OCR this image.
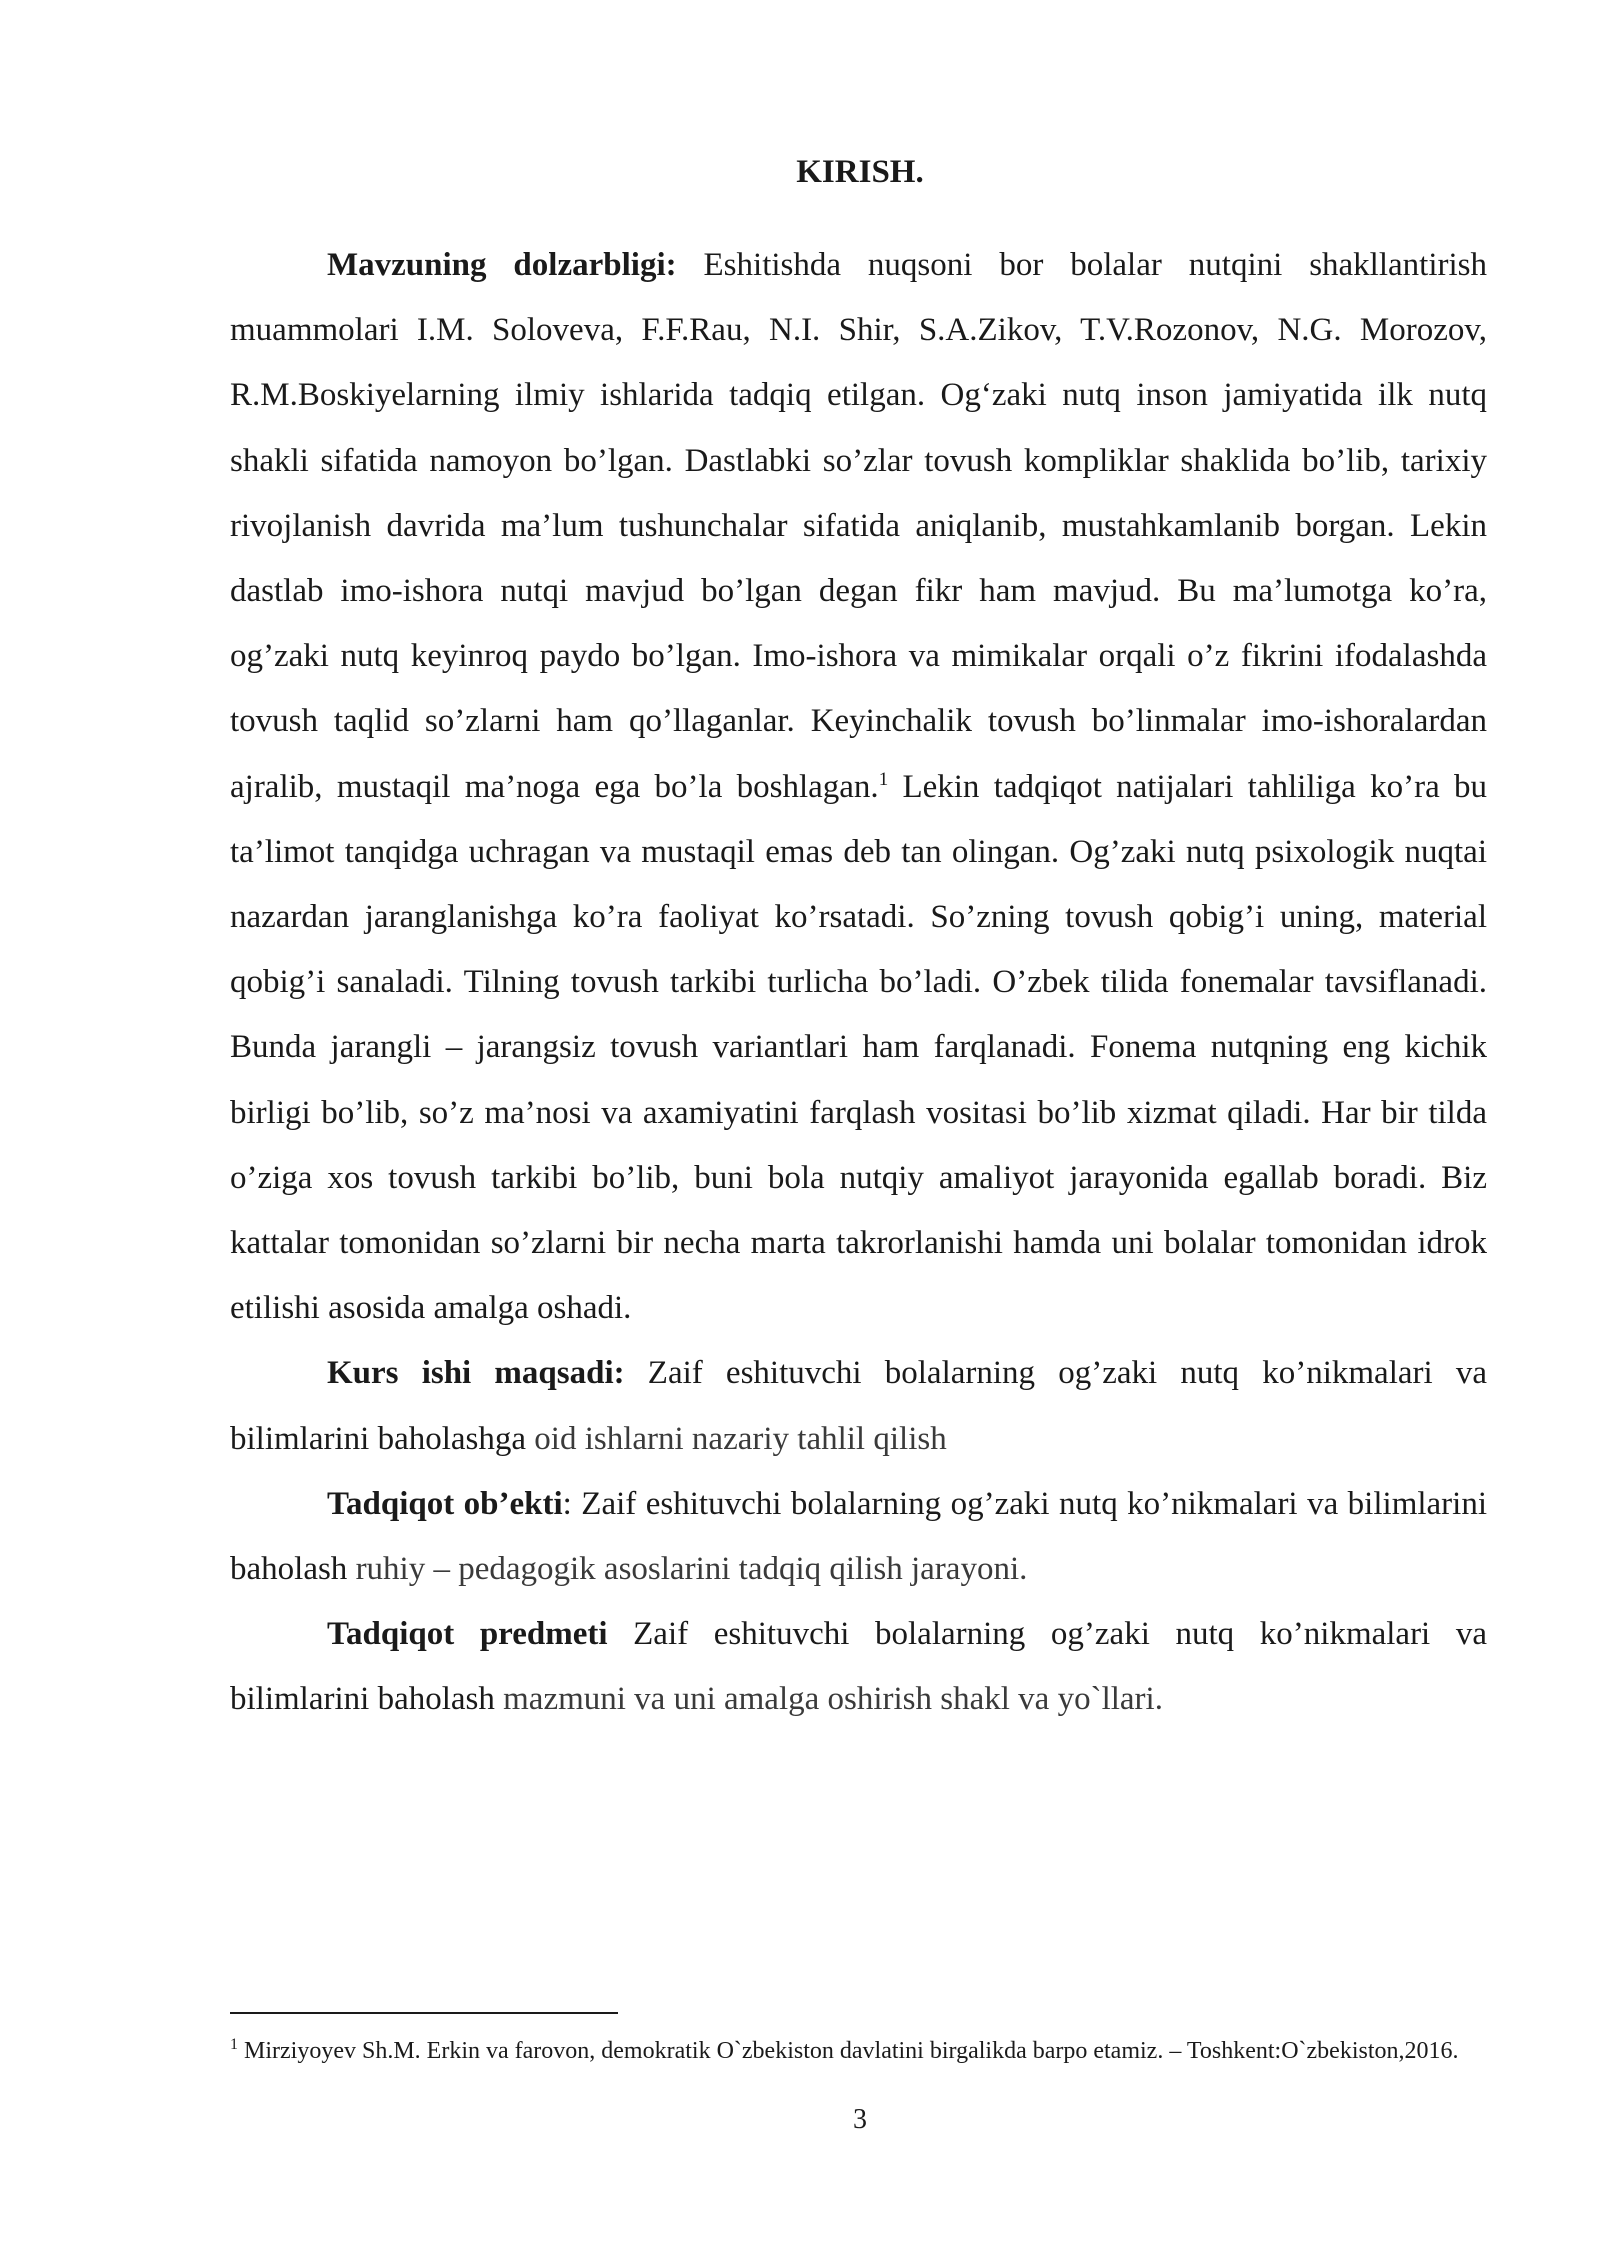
KIRISH.

Mavzuning dolzarbligi: Eshitishda nuqsoni bor bolalar nutqini shakllantirish muammolari I.M. Soloveva, F.F.Rau, N.I. Shir, S.A.Zikov, T.V.Rozonov, N.G. Morozov, R.M.Boskiyelarning ilmiy ishlarida tadqiq etilgan. Og‘zaki nutq inson jamiyatida ilk nutq shakli sifatida namoyon bo’lgan. Dastlabki so’zlar tovush kompliklar shaklida bo’lib, tarixiy rivojlanish davrida ma’lum tushunchalar sifatida aniqlanib, mustahkamlanib borgan. Lekin dastlab imo-ishora nutqi mavjud bo’lgan degan fikr ham mavjud. Bu ma’lumotga ko’ra, og’zaki nutq keyinroq paydo bo’lgan. Imo-ishora va mimikalar orqali o’z fikrini ifodalashda tovush taqlid so’zlarni ham qo’llaganlar. Keyinchalik tovush bo’linmalar imo-ishoralardan ajralib, mustaqil ma’noga ega bo’la boshlagan.$^1$ Lekin tadqiqot natijalari tahliliga ko’ra bu ta’limot tanqidga uchragan va mustaqil emas deb tan olingan. Og’zaki nutq psixologik nuqtai nazardan jaranglanishga ko’ra faoliyat ko’rsatadi. So’zning tovush qobig’i uning, material qobig’i sanaladi. Tilning tovush tarkibi turlicha bo’ladi. O’zbek tilida fonemalar tavsiflanadi. Bunda jarangli – jarangsiz tovush variantlari ham farqlanadi. Fonema nutqning eng kichik birligi bo’lib, so’z ma’nosi va axamiyatini farqlash vositasi bo’lib xizmat qiladi. Har bir tilda o’ziga xos tovush tarkibi bo’lib, buni bola nutqiy amaliyot jarayonida egallab boradi. Biz kattalar tomonidan so’zlarni bir necha marta takrorlanishi hamda uni bolalar tomonidan idrok etilishi asosida amalga oshadi.

Kurs ishi maqsadi: Zaif eshituvchi bolalarning og’zaki nutq ko’nikmalari va bilimlarini baholashga oid ishlarni nazariy tahlil qilish

Tadqiqot ob’ekti: Zaif eshituvchi bolalarning og’zaki nutq ko’nikmalari va bilimlarini baholash ruhiy – pedagogik asoslarini tadqiq qilish jarayoni.

Tadqiqot predmeti Zaif eshituvchi bolalarning og’zaki nutq ko’nikmalari va bilimlarini baholash mazmuni va uni amalga oshirish shakl va yo`llari.

$^1$ Mirziyoyev Sh.M. Erkin va farovon, demokratik O`zbekiston davlatini birgalikda barpo etamiz. – Toshkent:O`zbekiston,2016.
3
